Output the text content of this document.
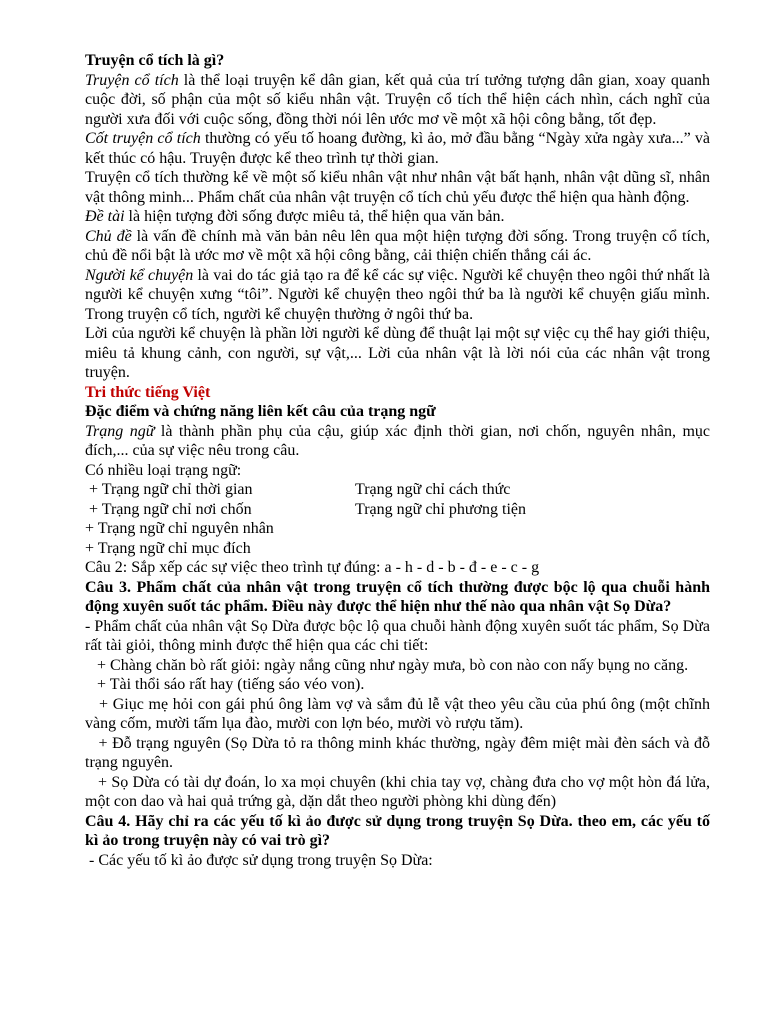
Truyện cổ tích là gì?

Truyện cổ tích là thể loại truyện kể dân gian, kết quả của trí tưởng tượng dân gian, xoay quanh cuộc đời, số phận của một số kiểu nhân vật. Truyện cổ tích thể hiện cách nhìn, cách nghĩ của người xưa đối với cuộc sống, đồng thời nói lên ước mơ về một xã hội công bằng, tốt đẹp.

Cốt truyện cổ tích thường có yếu tố hoang đường, kì ảo, mở đầu bằng “Ngày xửa ngày xưa...” và kết thúc có hậu. Truyện được kể theo trình tự thời gian.

Truyện cổ tích thường kể về một số kiểu nhân vật như nhân vật bất hạnh, nhân vật dũng sĩ, nhân vật thông minh... Phẩm chất của nhân vật truyện cổ tích chủ yếu được thể hiện qua hành động.

Đề tài là hiện tượng đời sống được miêu tả, thể hiện qua văn bản.

Chủ đề là vấn đề chính mà văn bản nêu lên qua một hiện tượng đời sống. Trong truyện cổ tích, chủ đề nổi bật là ước mơ về một xã hội công bằng, cải thiện chiến thắng cái ác.

Người kể chuyện là vai do tác giả tạo ra để kể các sự việc. Người kể chuyện theo ngôi thứ nhất là người kể chuyện xưng “tôi”. Người kể chuyện theo ngôi thứ ba là người kể chuyện giấu mình. Trong truyện cổ tích, người kể chuyện thường ở ngôi thứ ba.

Lời của người kể chuyện là phần lời người kể dùng để thuật lại một sự việc cụ thể hay giới thiệu, miêu tả khung cảnh, con người, sự vật,... Lời của nhân vật là lời nói của các nhân vật trong truyện.

Tri thức tiếng Việt

Đặc điểm và chứng năng liên kết câu của trạng ngữ

Trạng ngữ là thành phần phụ của cậu, giúp xác định thời gian, nơi chốn, nguyên nhân, mục đích,... của sự việc nêu trong câu.

Có nhiều loại trạng ngữ:

+ Trạng ngữ chỉ thời gian	Trạng ngữ chỉ cách thức
+ Trạng ngữ chỉ nơi chốn	Trạng ngữ chỉ phương tiện

+ Trạng ngữ chỉ nguyên nhân

+ Trạng ngữ chỉ mục đích

Câu 2: Sắp xếp các sự việc theo trình tự đúng: a - h - d - b - đ - e - c - g

Câu 3. Phẩm chất của nhân vật trong truyện cổ tích thường được bộc lộ qua chuỗi hành động xuyên suốt tác phẩm. Điều này được thể hiện như thế nào qua nhân vật Sọ Dừa?

- Phẩm chất của nhân vật Sọ Dừa được bộc lộ qua chuỗi hành động xuyên suốt tác phẩm, Sọ Dừa rất tài giỏi, thông minh được thể hiện qua các chi tiết:

+ Chàng chăn bò rất giỏi: ngày nắng cũng như ngày mưa, bò con nào con nấy bụng no căng.

+ Tài thổi sáo rất hay (tiếng sáo véo von).

+ Giục mẹ hỏi con gái phú ông làm vợ và sắm đủ lễ vật theo yêu cầu của phú ông (một chĩnh vàng cốm, mười tấm lụa đào, mười con lợn béo, mười vò rượu tăm).

+ Đỗ trạng nguyên (Sọ Dừa tỏ ra thông minh khác thường, ngày đêm miệt mài đèn sách và đỗ trạng nguyên.

+ Sọ Dừa có tài dự đoán, lo xa mọi chuyên (khi chia tay vợ, chàng đưa cho vợ một hòn đá lửa, một con dao và hai quả trứng gà, dặn dắt theo người phòng khi dùng đến)

Câu 4. Hãy chỉ ra các yếu tố kì ảo được sử dụng trong truyện Sọ Dừa. theo em, các yếu tố kì ảo trong truyện này có vai trò gì?

- Các yếu tố kì ảo được sử dụng trong truyện Sọ Dừa:
